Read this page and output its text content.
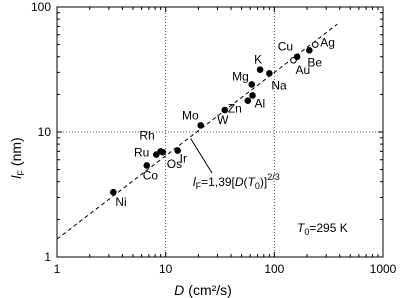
Ni
Co
Ru
Rh
Os
Ir
Mo W
Zn Al
Mg
Na
K
Au
Cu
Be
Ag
1	10	100	1000
1
10
100
D (cm²/s)
$l_F(nm)$
$l_F=1,39[D(T_0)]^{2/3}$
$T_0=295$ K
